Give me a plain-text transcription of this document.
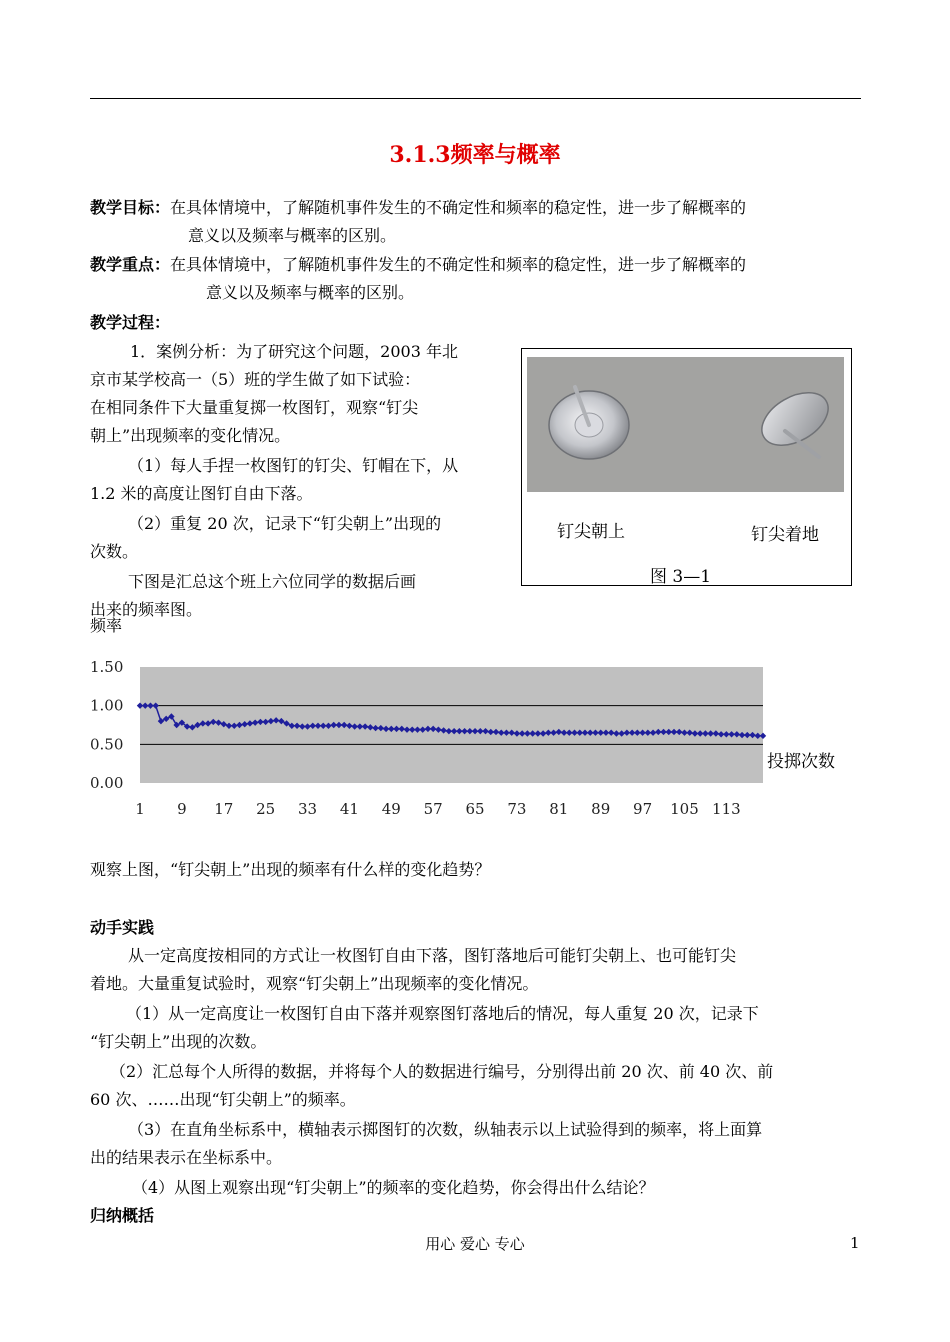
3.1.3频率与概率
教学目标：在具体情境中，了解随机事件发生的不确定性和频率的稳定性，进一步了解概率的
意义以及频率与概率的区别。
教学重点：在具体情境中，了解随机事件发生的不确定性和频率的稳定性，进一步了解概率的
意义以及频率与概率的区别。
教学过程：
1．案例分析：为了研究这个问题，2003 年北
京市某学校高一（5）班的学生做了如下试验：
在相同条件下大量重复掷一枚图钉，观察“钉尖
朝上”出现频率的变化情况。
（1）每人手捏一枚图钉的钉尖、钉帽在下，从
1.2 米的高度让图钉自由下落。
（2）重复 20 次，记录下“钉尖朝上”出现的
次数。
下图是汇总这个班上六位同学的数据后画
出来的频率图。
钉尖朝上	钉尖着地
图 3—1
频率
1.50
1.00
0.50
0.00
1 9 17 25 33 41 49 57 65 73 81 89 97 105 113
投掷次数
观察上图，“钉尖朝上”出现的频率有什么样的变化趋势？
动手实践
从一定高度按相同的方式让一枚图钉自由下落，图钉落地后可能钉尖朝上、也可能钉尖
着地。大量重复试验时，观察“钉尖朝上”出现频率的变化情况。
（1）从一定高度让一枚图钉自由下落并观察图钉落地后的情况，每人重复 20 次，记录下
“钉尖朝上”出现的次数。
（2）汇总每个人所得的数据，并将每个人的数据进行编号，分别得出前 20 次、前 40 次、前
60 次、……出现“钉尖朝上”的频率。
（3）在直角坐标系中，横轴表示掷图钉的次数，纵轴表示以上试验得到的频率，将上面算
出的结果表示在坐标系中。
（4）从图上观察出现“钉尖朝上”的频率的变化趋势，你会得出什么结论？
归纳概括
用心 爱心 专心	1
